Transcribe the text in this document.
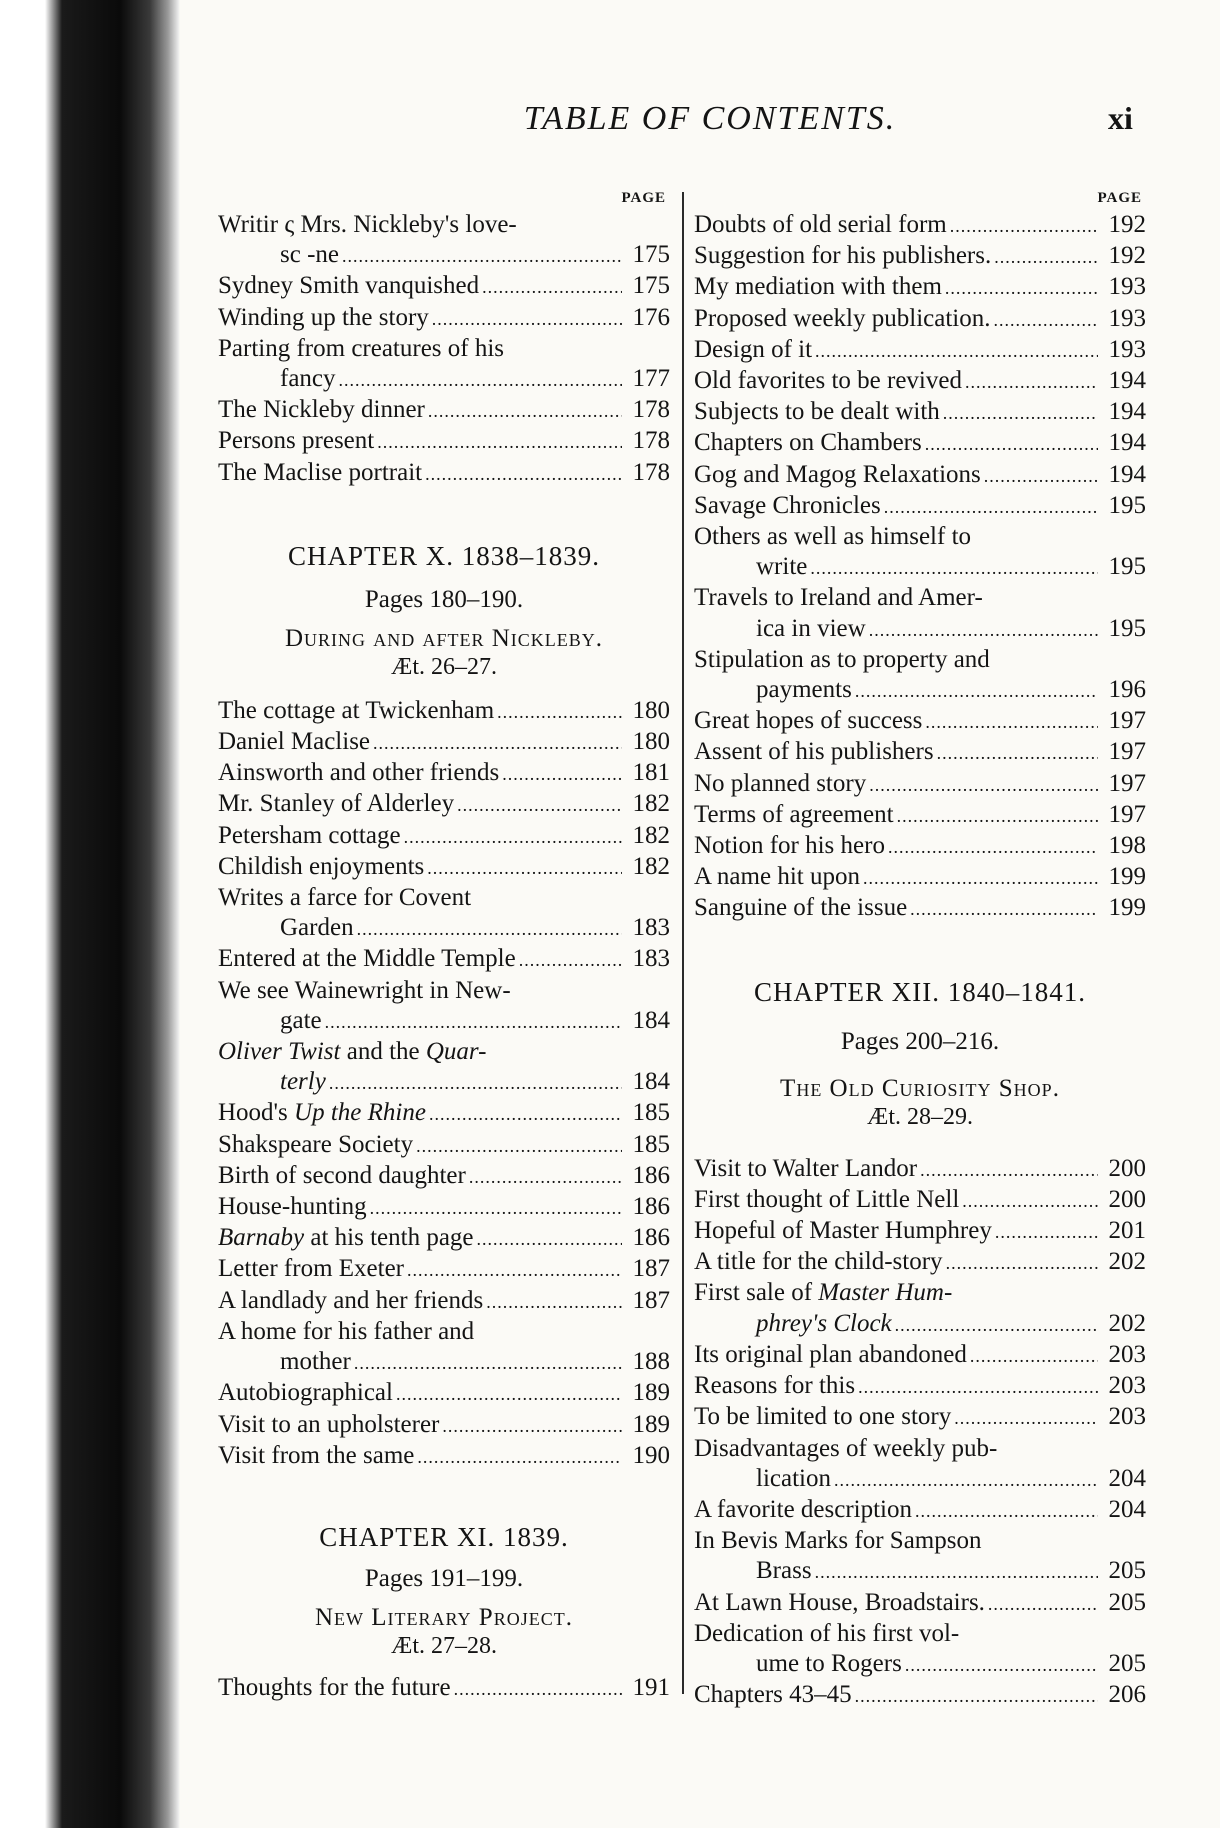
TABLE OF CONTENTS.	xi
PAGE
Writir ς Mrs. Nickleby's love-
sc -ne .....	175
Sydney Smith vanquished .....	175
Winding up the story .....	176
Parting from creatures of his
fancy .....	177
The Nickleby dinner .....	178
Persons present .....	178
The Maclise portrait .....	178
CHAPTER X. 1838–1839.
Pages 180–190.
During and after Nickleby.
Æt. 26–27.
The cottage at Twickenham .....	180
Daniel Maclise .....	180
Ainsworth and other friends .....	181
Mr. Stanley of Alderley .....	182
Petersham cottage .....	182
Childish enjoyments .....	182
Writes a farce for Covent
Garden .....	183
Entered at the Middle Temple .....	183
We see Wainewright in New-
gate .....	184
Oliver Twist and the Quar-
terly .....	184
Hood's Up the Rhine .....	185
Shakspeare Society .....	185
Birth of second daughter .....	186
House-hunting .....	186
Barnaby at his tenth page .....	186
Letter from Exeter .....	187
A landlady and her friends .....	187
A home for his father and
mother .....	188
Autobiographical .....	189
Visit to an upholsterer .....	189
Visit from the same .....	190
CHAPTER XI. 1839.
Pages 191–199.
New Literary Project.
Æt. 27–28.
Thoughts for the future .....	191
PAGE
Doubts of old serial form .....	192
Suggestion for his publishers. .....	192
My mediation with them .....	193
Proposed weekly publication. .....	193
Design of it .....	193
Old favorites to be revived .....	194
Subjects to be dealt with .....	194
Chapters on Chambers .....	194
Gog and Magog Relaxations .....	194
Savage Chronicles .....	195
Others as well as himself to
write .....	195
Travels to Ireland and Amer-
ica in view .....	195
Stipulation as to property and
payments .....	196
Great hopes of success .....	197
Assent of his publishers .....	197
No planned story .....	197
Terms of agreement .....	197
Notion for his hero .....	198
A name hit upon .....	199
Sanguine of the issue .....	199
CHAPTER XII. 1840–1841.
Pages 200–216.
The Old Curiosity Shop.
Æt. 28–29.
Visit to Walter Landor .....	200
First thought of Little Nell .....	200
Hopeful of Master Humphrey .....	201
A title for the child-story .....	202
First sale of Master Hum-
phrey's Clock .....	202
Its original plan abandoned .....	203
Reasons for this .....	203
To be limited to one story .....	203
Disadvantages of weekly pub-
lication .....	204
A favorite description .....	204
In Bevis Marks for Sampson
Brass .....	205
At Lawn House, Broadstairs. .....	205
Dedication of his first vol-
ume to Rogers .....	205
Chapters 43–45 .....	206
